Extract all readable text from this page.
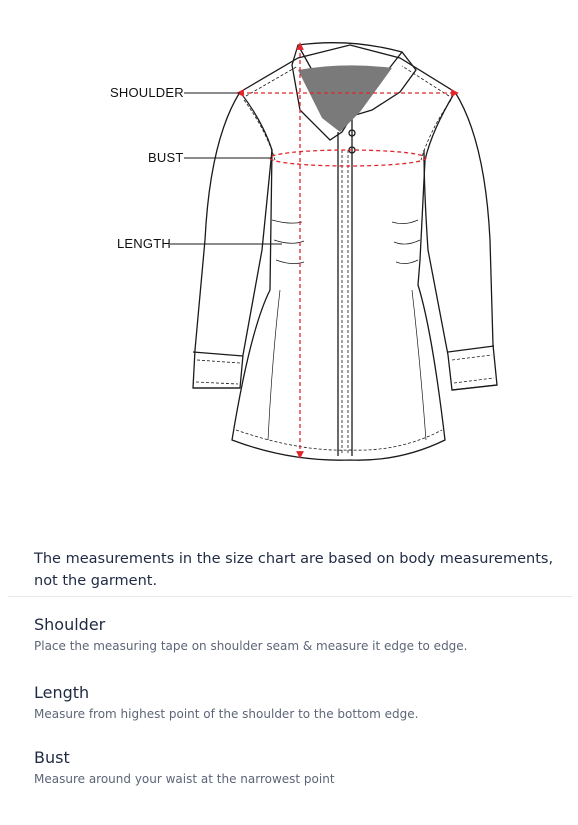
SHOULDER
BUST
LENGTH

The measurements in the size chart are based on body measurements, not the garment.

Shoulder

Place the measuring tape on shoulder seam & measure it edge to edge.

Length

Measure from highest point of the shoulder to the bottom edge.

Bust

Measure around your waist at the narrowest point
